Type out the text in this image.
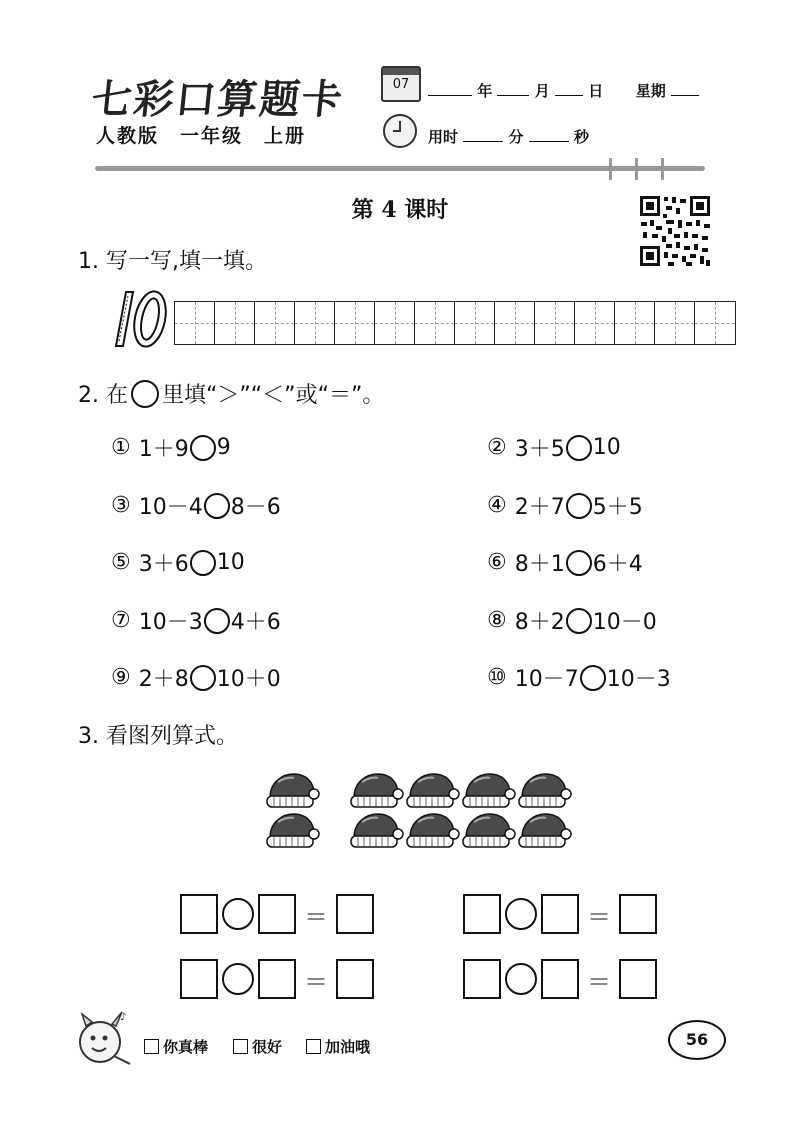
七彩口算题卡
人教版　一年级　上册
07	年	月	日 星期
用时	分	秒
第 4 课时
1. 写一写,填一填。
10
2. 在 里填“＞”“＜”或“＝”。
① 1＋9 9	② 3＋5 10
③ 10－4 8－6	④ 2＋7 5＋5
⑤ 3＋6 10	⑥ 8＋1 6＋4
⑦ 10－3 4＋6	⑧ 8＋2 10－0
⑨ 2＋8 10＋0	⑩ 10－7 10－3
3. 看图列算式。
＝	＝
＝	＝
♪
你真棒	很好	加油哦	56
